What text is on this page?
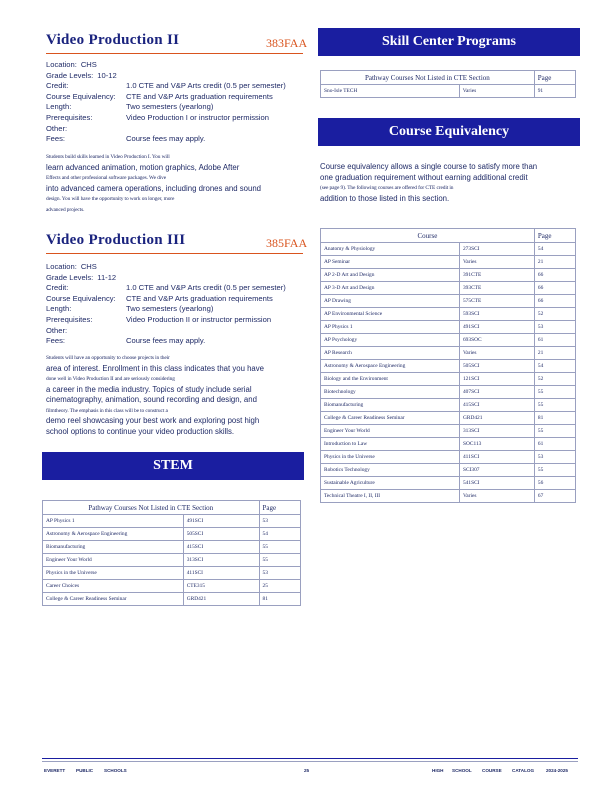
Video Production II	383FAA
Location: CHS
Grade Levels: 10-12
Credit:	1.0 CTE and V&P Arts credit (0.5 per semester)
Course Equivalency:	CTE and V&P Arts graduation requirements
Length:	Two semesters (yearlong)
Prerequisites:	Video Production I or instructor permission
Other:
Fees:	Course fees may apply.
Students build skills learned in Video Production I. You will
learn advanced animation, motion graphics, Adobe After
Effects and other professional software packages. We dive
into advanced camera operations, including drones and sound
design. You will have the opportunity to work on longer, more
advanced projects.
Video Production III	385FAA
Location: CHS
Grade Levels: 11-12
Credit:	1.0 CTE and V&P Arts credit (0.5 per semester)
Course Equivalency:	CTE and V&P Arts graduation requirements
Length:	Two semesters (yearlong)
Prerequisites:	Video Production II or instructor permission
Other:
Fees:	Course fees may apply.
Students will have an opportunity to choose projects in their
area of interest. Enrollment in this class indicates that you have
done well in Video Production II and are seriously considering
a career in the media industry. Topics of study include serial
cinematography, animation, sound recording and design, and
filmtheory. The emphasis in this class will be to construct a
demo reel showcasing your best work and exploring post high
school options to continue your video production skills.
STEM
Pathway Courses Not Listed in CTE Section		Page
AP Physics 1	491SCI	53
Astronomy & Aerospace Engineering	505SCI	54
Biomanufacturing	415SCI	55
Engineer Your World	313SCI	55
Physics in the Universe	411SCI	53
Career Choices	CTE315	25
College & Career Readiness Seminar	GRD421	81
Skill Center Programs
Pathway Courses Not Listed in CTE Section		Page
Sno-Isle TECH	Varies	91
Course Equivalency
Course equivalency allows a single course to satisfy more than
one graduation requirement without earning additional credit
(see page 9). The following courses are offered for CTE credit in
addition to those listed in this section.
Course		Page
Anatomy & Physiology	273SCI	54
AP Seminar	Varies	21
AP 2-D Art and Design	391CTE	66
AP 3-D Art and Design	393CTE	66
AP Drawing	575CTE	66
AP Environmental Science	593SCI	52
AP Physics 1	491SCI	53
AP Psychology	693SOC	61
AP Research	Varies	21
Astronomy & Aerospace Engineering	505SCI	54
Biology and the Environment	121SCI	52
Biotechnology	407SCI	55
Biomanufacturing	415SCI	55
College & Career Readiness Seminar	GRD421	81
Engineer Your World	313SCI	55
Introduction to Law	SOC113	61
Physics in the Universe	411SCI	53
Robotics Technology	SCI307	55
Sustainable Agriculture	541SCI	56
Technical Theatre I, II, III	Varies	67
EVERETT PUBLIC SCHOOLS	25	HIGH SCHOOL COURSE CATALOG	2024-2025
